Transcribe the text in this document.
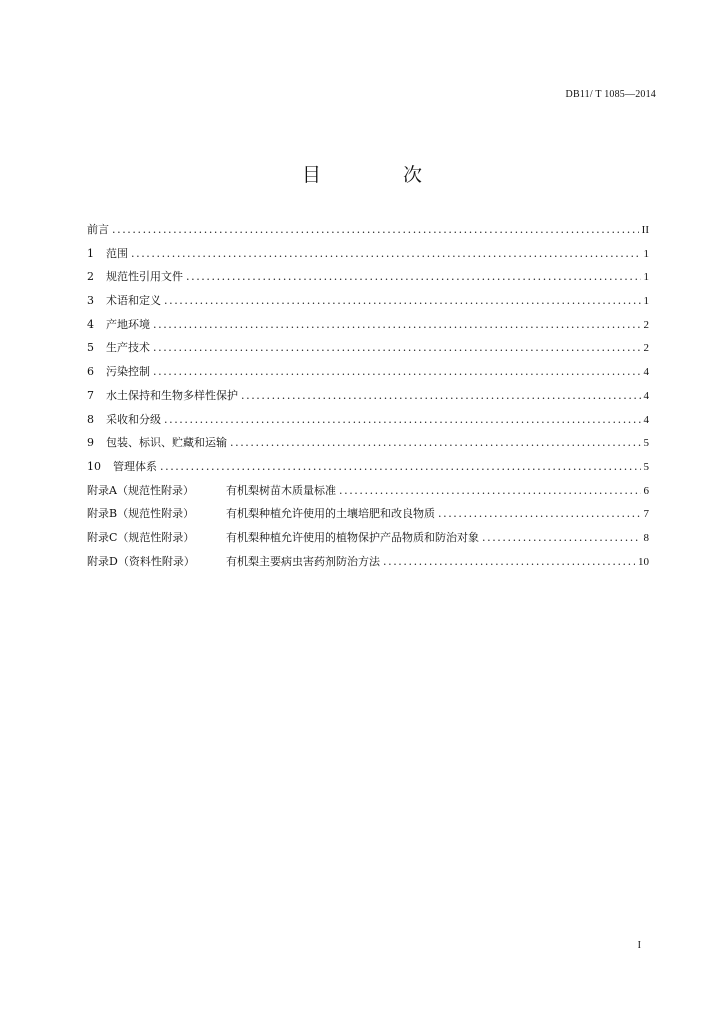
DB11/ T 1085—2014
目 次
前言 .....	II
1 范围 .....	1
2 规范性引用文件 .....	1
3 术语和定义 .....	1
4 产地环境 .....	2
5 生产技术 .....	2
6 污染控制 .....	4
7 水土保持和生物多样性保护 .....	4
8 采收和分级 .....	4
9 包装、标识、贮藏和运输 .....	5
10 管理体系 .....	5
附录A（规范性附录）	有机梨树苗木质量标准 .....	6
附录B（规范性附录）	有机梨种植允许使用的土壤培肥和改良物质 .....	7
附录C（规范性附录）	有机梨种植允许使用的植物保护产品物质和防治对象 .....	8
附录D（资料性附录）	有机梨主要病虫害药剂防治方法 .....	10
I
